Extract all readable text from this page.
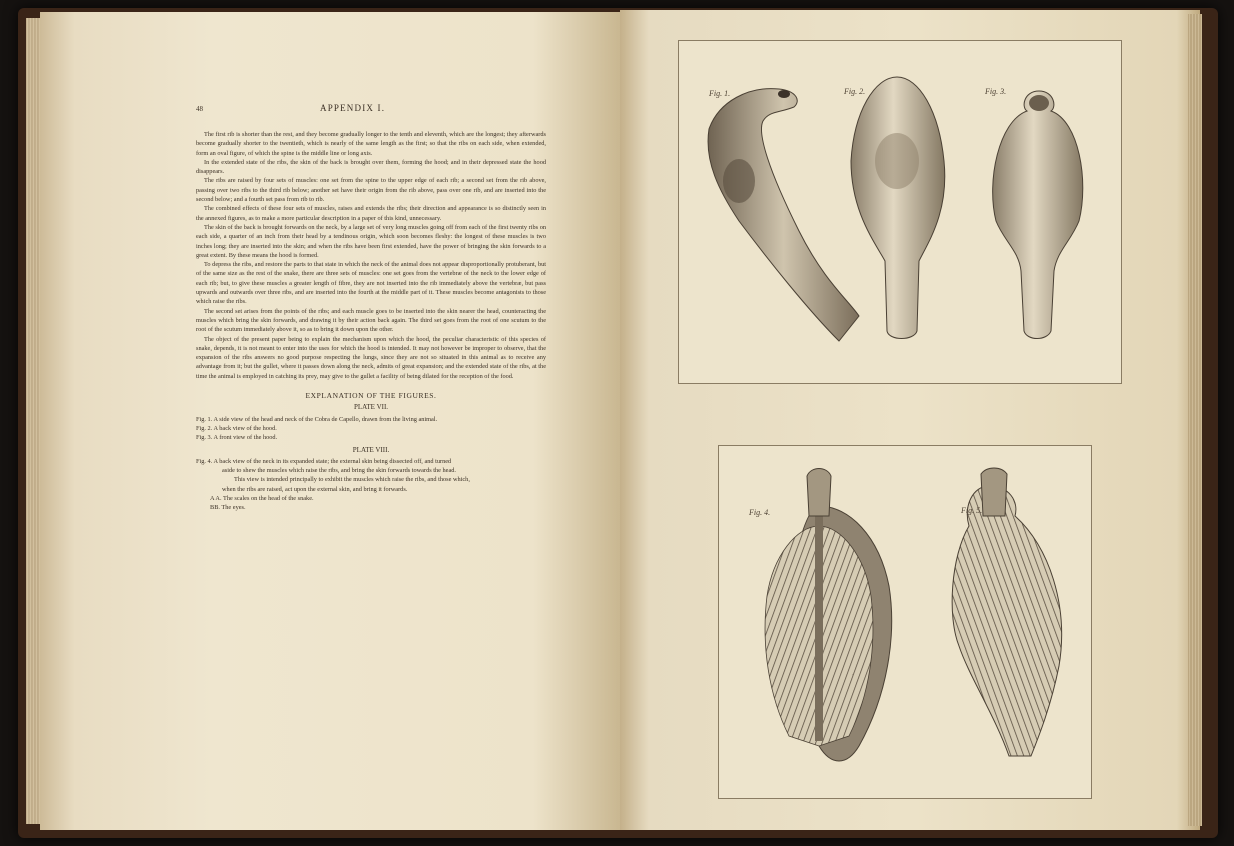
48	APPENDIX I.

The first rib is shorter than the rest, and they become gradually longer to the tenth and eleventh, which are the longest; they afterwards become gradually shorter to the twentieth, which is nearly of the same length as the first; so that the ribs on each side, when extended, form an oval figure, of which the spine is the middle line or long axis.

In the extended state of the ribs, the skin of the back is brought over them, forming the hood; and in their depressed state the hood disappears.

The ribs are raised by four sets of muscles: one set from the spine to the upper edge of each rib; a second set from the rib above, passing over two ribs to the third rib below; another set have their origin from the rib above, pass over one rib, and are inserted into the second below; and a fourth set pass from rib to rib.

The combined effects of these four sets of muscles, raises and extends the ribs; their direction and appearance is so distinctly seen in the annexed figures, as to make a more particular description in a paper of this kind, unnecessary.

The skin of the back is brought forwards on the neck, by a large set of very long muscles going off from each of the first twenty ribs on each side, a quarter of an inch from their head by a tendinous origin, which soon becomes fleshy: the longest of these muscles is two inches long; they are inserted into the skin; and when the ribs have been first extended, have the power of bringing the skin forwards to a great extent. By these means the hood is formed.

To depress the ribs, and restore the parts to that state in which the neck of the animal does not appear disproportionally protuberant, but of the same size as the rest of the snake, there are three sets of muscles: one set goes from the vertebræ of the neck to the lower edge of each rib; but, to give these muscles a greater length of fibre, they are not inserted into the rib immediately above the vertebræ, but pass upwards and outwards over three ribs, and are inserted into the fourth at the middle part of it. These muscles become antagonists to those which raise the ribs.

The second set arises from the points of the ribs; and each muscle goes to be inserted into the skin nearer the head, counteracting the muscles which bring the skin forwards, and drawing it by their action back again. The third set goes from the root of one scutum to the root of the scutum immediately above it, so as to bring it down upon the other.

The object of the present paper being to explain the mechanism upon which the hood, the peculiar characteristic of this species of snake, depends, it is not meant to enter into the uses for which the hood is intended. It may not however be improper to observe, that the expansion of the ribs answers no good purpose respecting the lungs, since they are not so situated in this animal as to receive any advantage from it; but the gullet, where it passes down along the neck, admits of great expansion; and the extended state of the ribs, at the time the animal is employed in catching its prey, may give to the gullet a facility of being dilated for the reception of the food.

EXPLANATION OF THE FIGURES.
PLATE VII.

Fig. 1. A side view of the head and neck of the Cobra de Capello, drawn from the living animal.

Fig. 2. A back view of the hood.

Fig. 3. A front view of the hood.

PLATE VIII.

Fig. 4. A back view of the neck in its expanded state; the external skin being dissected off, and turned

aside to shew the muscles which raise the ribs, and bring the skin forwards towards the head.

This view is intended principally to exhibit the muscles which raise the ribs, and those which,

when the ribs are raised, act upon the external skin, and bring it forwards.

A A. The scales on the head of the snake.

BB. The eyes.

Fig. 1.	Fig. 2.	Fig. 3.
Fig. 4.	Fig. 5.
